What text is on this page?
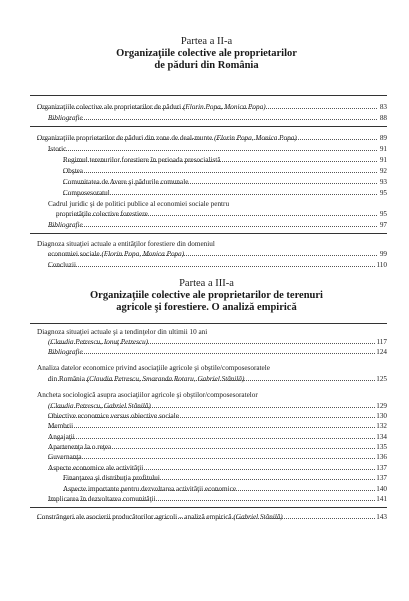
Partea a II-a
Organizaţiile colective ale proprietarilor
de păduri din România
Organizaţiile colective ale proprietarilor de păduri (Florin Popa, Monica Popa)	83
Bibliografie	88
Organizaţiile proprietarilor de păduri din zone de deal-munte (Florin Popa, Monica Popa)	89
Istoric	91
Regimul terenurilor forestiere în perioada presocialistă	91
Obştea	92
Comunitatea de Avere şi pădurile comunale	93
Composesoratul	95
Cadrul juridic şi de politici publice al economiei sociale pentru
proprietăţile colective forestiere	95
Bibliografie	97
Diagnoza situaţiei actuale a entităţilor forestiere din domeniul
economiei sociale (Florin Popa, Monica Popa)	99
Concluzii	110
Partea a III-a
Organizaţiile colective ale proprietarilor de terenuri
agricole şi forestiere. O analiză empirică
Diagnoza situaţiei actuale şi a tendinţelor din ultimii 10 ani
(Claudia Petrescu, Ionuţ Petrescu)	117
Bibliografie	124
Analiza datelor economice privind asociaţiile agricole şi obştile/composesoratele
din România (Claudia Petrescu, Smaranda Rotaru, Gabriel Stănilă)	125
Ancheta sociologică asupra asociaţiilor agricole şi obştilor/composesoratelor
(Claudia Petrescu, Gabriel Stănilă)	129
Obiective economice versus obiective sociale	130
Membrii	132
Angajaţii	134
Apartenenţa la o reţea	135
Guvernanţa	136
Aspecte economice ale activităţii	137
Finanţarea şi distribuţia profitului	137
Aspecte importante pentru dezvoltarea activităţii economice	140
Implicarea în dezvoltarea comunităţii	141
Constrângeri ale asocierii producătorilor agricoli – analiză empirică (Gabriel Stănilă)	143
